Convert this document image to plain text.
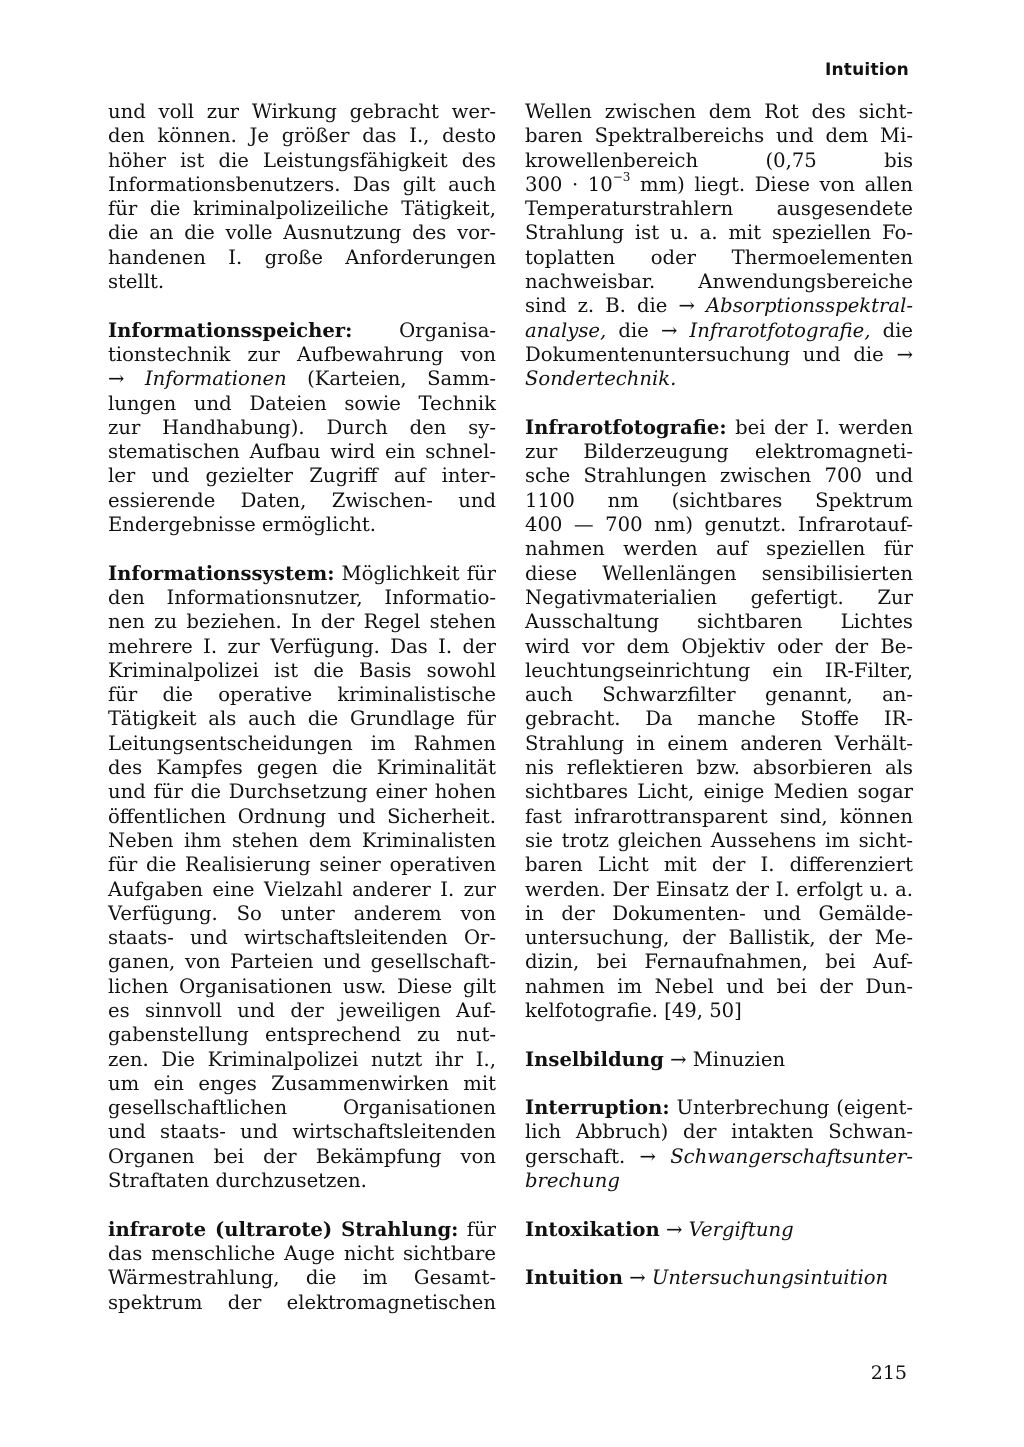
Intuition

und voll zur Wirkung gebracht wer-
den können. Je größer das I., desto
höher ist die Leistungsfähigkeit des
Informationsbenutzers. Das gilt auch
für die kriminalpolizeiliche Tätigkeit,
die an die volle Ausnutzung des vor-
handenen I. große Anforderungen
stellt.

Informationsspeicher: Organisa-
tionstechnik zur Aufbewahrung von
→ Informationen (Karteien, Samm-
lungen und Dateien sowie Technik
zur Handhabung). Durch den sy-
stematischen Aufbau wird ein schnel-
ler und gezielter Zugriff auf inter-
essierende Daten, Zwischen- und
Endergebnisse ermöglicht.

Informationssystem: Möglichkeit für
den Informationsnutzer, Informatio-
nen zu beziehen. In der Regel stehen
mehrere I. zur Verfügung. Das I. der
Kriminalpolizei ist die Basis sowohl
für die operative kriminalistische
Tätigkeit als auch die Grundlage für
Leitungsentscheidungen im Rahmen
des Kampfes gegen die Kriminalität
und für die Durchsetzung einer hohen
öffentlichen Ordnung und Sicherheit.
Neben ihm stehen dem Kriminalisten
für die Realisierung seiner operativen
Aufgaben eine Vielzahl anderer I. zur
Verfügung. So unter anderem von
staats- und wirtschaftsleitenden Or-
ganen, von Parteien und gesellschaft-
lichen Organisationen usw. Diese gilt
es sinnvoll und der jeweiligen Auf-
gabenstellung entsprechend zu nut-
zen. Die Kriminalpolizei nutzt ihr I.,
um ein enges Zusammenwirken mit
gesellschaftlichen Organisationen
und staats- und wirtschaftsleitenden
Organen bei der Bekämpfung von
Straftaten durchzusetzen.

infrarote (ultrarote) Strahlung: für
das menschliche Auge nicht sichtbare
Wärmestrahlung, die im Gesamt-
spektrum der elektromagnetischen

Wellen zwischen dem Rot des sicht-
baren Spektralbereichs und dem Mi-
krowellenbereich (0,75 bis
$300 \cdot 10^{-3}$ mm) liegt. Diese von allen
Temperaturstrahlern ausgesendete
Strahlung ist u. a. mit speziellen Fo-
toplatten oder Thermoelementen
nachweisbar. Anwendungsbereiche
sind z. B. die → Absorptionsspektral-
analyse, die → Infrarotfotografie, die
Dokumentenuntersuchung und die →
Sondertechnik.

Infrarotfotografie: bei der I. werden
zur Bilderzeugung elektromagneti-
sche Strahlungen zwischen 700 und
1100 nm (sichtbares Spektrum
400 — 700 nm) genutzt. Infrarotauf-
nahmen werden auf speziellen für
diese Wellenlängen sensibilisierten
Negativmaterialien gefertigt. Zur
Ausschaltung sichtbaren Lichtes
wird vor dem Objektiv oder der Be-
leuchtungseinrichtung ein IR-Filter,
auch Schwarzfilter genannt, an-
gebracht. Da manche Stoffe IR-
Strahlung in einem anderen Verhält-
nis reflektieren bzw. absorbieren als
sichtbares Licht, einige Medien sogar
fast infrarottransparent sind, können
sie trotz gleichen Aussehens im sicht-
baren Licht mit der I. differenziert
werden. Der Einsatz der I. erfolgt u. a.
in der Dokumenten- und Gemälde-
untersuchung, der Ballistik, der Me-
dizin, bei Fernaufnahmen, bei Auf-
nahmen im Nebel und bei der Dun-
kelfotografie. [49, 50]

Inselbildung → Minuzien

Interruption: Unterbrechung (eigent-
lich Abbruch) der intakten Schwan-
gerschaft. → Schwangerschaftsunter-
brechung

Intoxikation → Vergiftung

Intuition → Untersuchungsintuition

215
